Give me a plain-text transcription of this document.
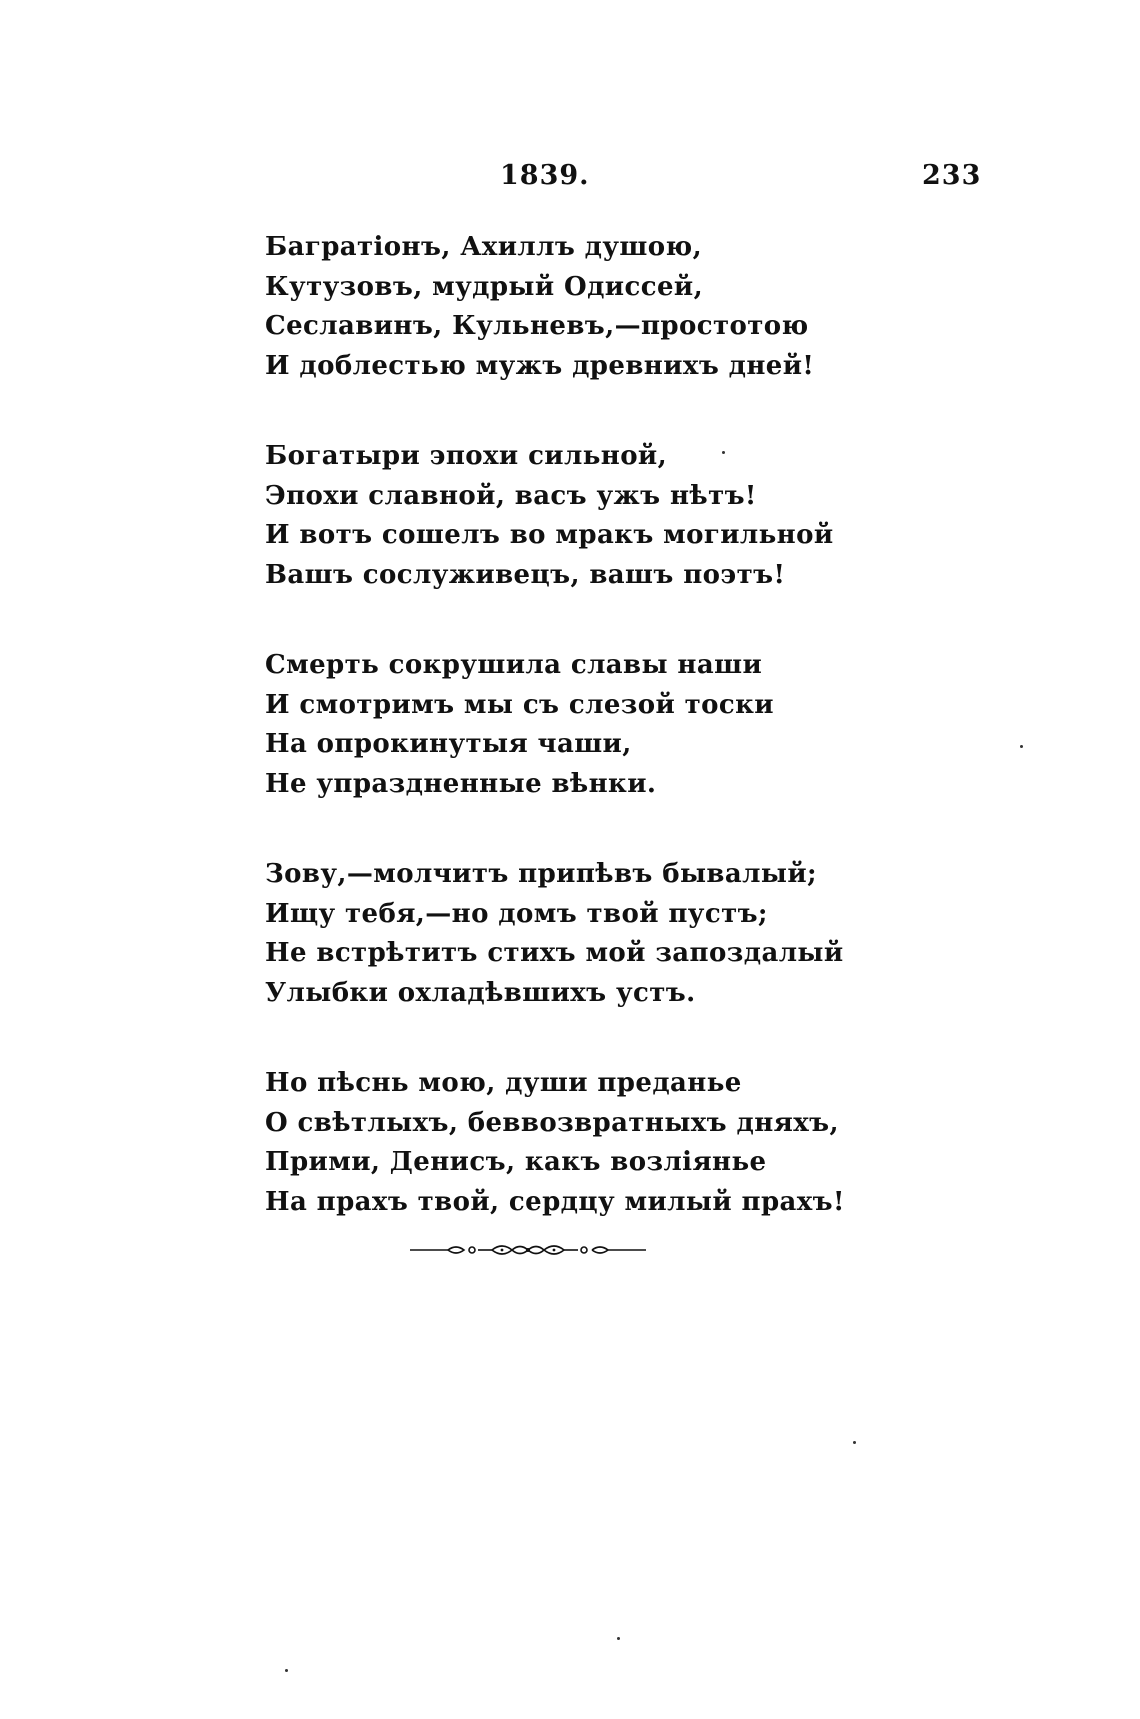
1839.	233
Багратіонъ, Ахиллъ душою,
Кутузовъ, мудрый Одиссей,
Сеславинъ, Кульневъ,—простотою
И доблестью мужъ древнихъ дней!
Богатыри эпохи сильной,
Эпохи славной, васъ ужъ нѣтъ!
И вотъ сошелъ во мракъ могильной
Вашъ сослуживецъ, вашъ поэтъ!
Смерть сокрушила славы наши
И смотримъ мы съ слезой тоски
На опрокинутыя чаши,
Не упраздненные вѣнки.
Зову,—молчитъ припѣвъ бывалый;
Ищу тебя,—но домъ твой пустъ;
Не встрѣтитъ стихъ мой запоздалый
Улыбки охладѣвшихъ устъ.
Но пѣснь мою, души преданье
О свѣтлыхъ, беввозвратныхъ дняхъ,
Прими, Денисъ, какъ возліянье
На прахъ твой, сердцу милый прахъ!
